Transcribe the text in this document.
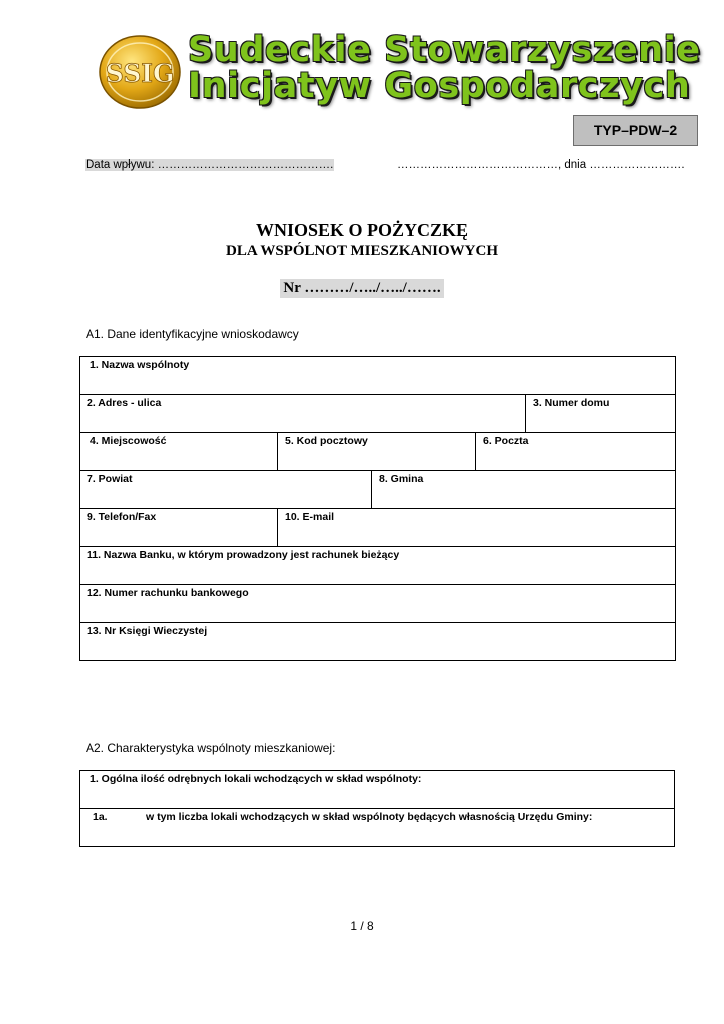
SSIG
Sudeckie Stowarzyszenie
Inicjatyw Gospodarczych
TYP–PDW–2
Data wpływu: ……………………………………….	……………………………………, dnia …………………….
WNIOSEK O POŻYCZKĘ
DLA WSPÓLNOT MIESZKANIOWYCH
Nr ………/…../…../…….
A1. Dane identyfikacyjne wnioskodawcy
1. Nazwa wspólnoty				

2. Adres - ulica				3. Numer domu

4. Miejscowość	5. Kod pocztowy		6. Poczta	

7. Powiat		8. Gmina		

9. Telefon/Fax	10. E-mail			

11. Nazwa Banku, w którym prowadzony jest rachunek bieżący				

12. Numer rachunku bankowego				

13. Nr Księgi Wieczystej				
A2. Charakterystyka wspólnoty mieszkaniowej:
1. Ogólna ilość odrębnych lokali wchodzących w skład wspólnoty:

1a.	w tym liczba lokali wchodzących w skład wspólnoty będących własnością Urzędu Gminy:
1 / 8
